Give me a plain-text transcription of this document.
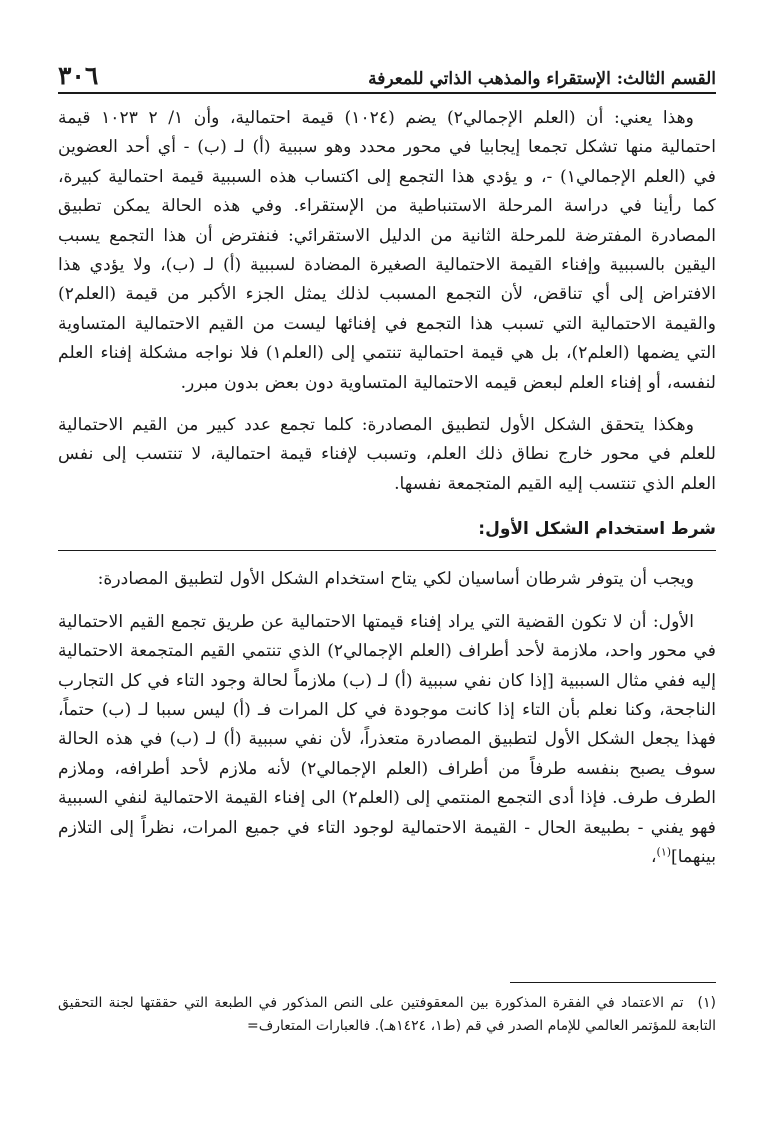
القسم الثالث: الإستقراء والمذهب الذاتي للمعرفة
٣٠٦

وهذا يعني: أن (العلم الإجمالي٢) يضم (١٠٢٤) قيمة احتمالية، وأن ١/ ٢ ١٠٢٣ قيمة احتمالية منها تشكل تجمعا إيجابيا في محور محدد وهو سببية (أ) لـ (ب) - أي أحد العضوين في (العلم الإجمالي١) -، و يؤدي هذا التجمع إلى اكتساب هذه السببية قيمة احتمالية كبيرة، كما رأينا في دراسة المرحلة الاستنباطية من الإستقراء. وفي هذه الحالة يمكن تطبيق المصادرة المفترضة للمرحلة الثانية من الدليل الاستقرائي: فنفترض أن هذا التجمع يسبب اليقين بالسببية وإفناء القيمة الاحتمالية الصغيرة المضادة لسببية (أ) لـ (ب)، ولا يؤدي هذا الافتراض إلى أي تناقض، لأن التجمع المسبب لذلك يمثل الجزء الأكبر من قيمة (العلم٢) والقيمة الاحتمالية التي تسبب هذا التجمع في إفنائها ليست من القيم الاحتمالية المتساوية التي يضمها (العلم٢)، بل هي قيمة احتمالية تنتمي إلى (العلم١) فلا نواجه مشكلة إفناء العلم لنفسه، أو إفناء العلم لبعض قيمه الاحتمالية المتساوية دون بعض بدون مبرر.

وهكذا يتحقق الشكل الأول لتطبيق المصادرة: كلما تجمع عدد كبير من القيم الاحتمالية للعلم في محور خارج نطاق ذلك العلم، وتسبب لإفناء قيمة احتمالية، لا تنتسب إلى نفس العلم الذي تنتسب إليه القيم المتجمعة نفسها.

شرط استخدام الشكل الأول:

ويجب أن يتوفر شرطان أساسيان لكي يتاح استخدام الشكل الأول لتطبيق المصادرة:

الأول: أن لا تكون القضية التي يراد إفناء قيمتها الاحتمالية عن طريق تجمع القيم الاحتمالية في محور واحد، ملازمة لأحد أطراف (العلم الإجمالي٢) الذي تنتمي القيم المتجمعة الاحتمالية إليه ففي مثال السببية [إذا كان نفي سببية (أ) لـ (ب) ملازماً لحالة وجود التاء في كل التجارب الناجحة، وكنا نعلم بأن التاء إذا كانت موجودة في كل المرات فـ (أ) ليس سببا لـ (ب) حتماً، فهذا يجعل الشكل الأول لتطبيق المصادرة متعذراً، لأن نفي سببية (أ) لـ (ب) في هذه الحالة سوف يصبح بنفسه طرفاً من أطراف (العلم الإجمالي٢) لأنه ملازم لأحد أطرافه، وملازم الطرف طرف. فإذا أدى التجمع المنتمي إلى (العلم٢) الى إفناء القيمة الاحتمالية لنفي السببية فهو يفني - بطبيعة الحال - القيمة الاحتمالية لوجود التاء في جميع المرات، نظراً إلى التلازم بينهما]$^{(١)}$،

(١)تم الاعتماد في الفقرة المذكورة بين المعقوفتين على النص المذكور في الطبعة التي حققتها لجنة التحقيق التابعة للمؤتمر العالمي للإمام الصدر في قم (ط١، ١٤٢٤هـ). فالعبارات المتعارف=
